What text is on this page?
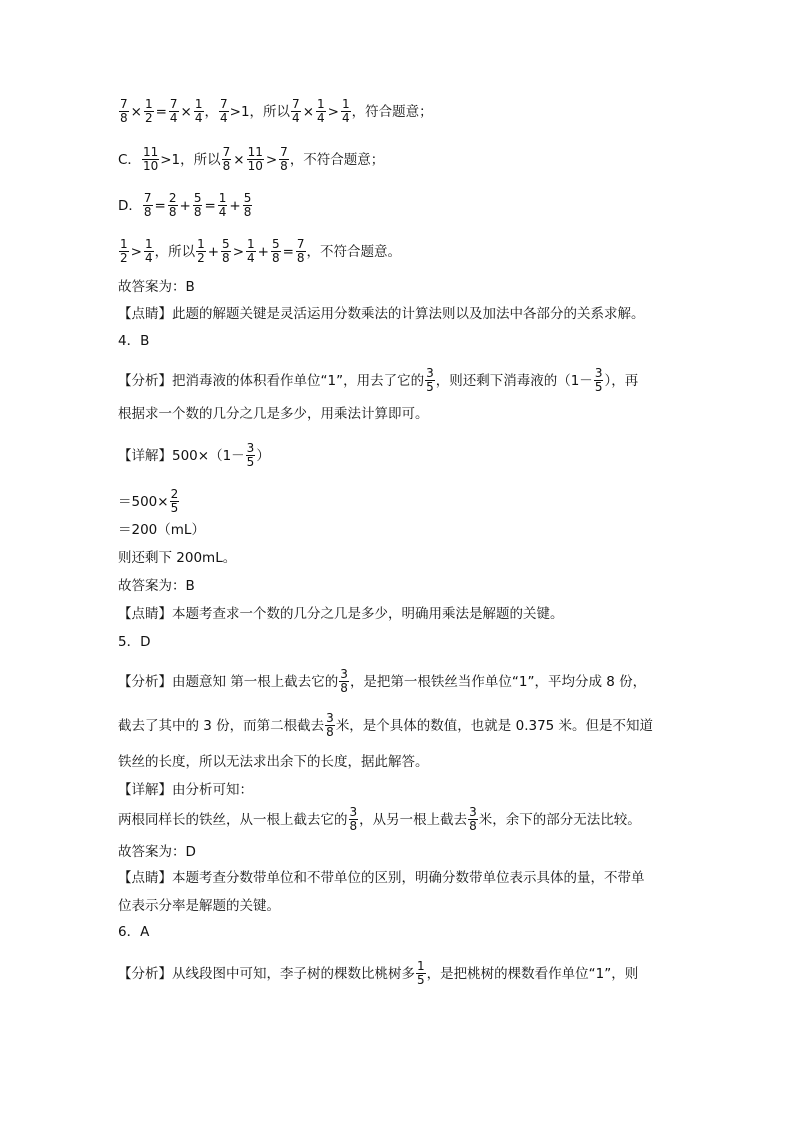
$\frac{7}{8} \times \frac{1}{2} = \frac{7}{4} \times \frac{1}{4}$ ， $\frac{7}{4} >1$，所以 $\frac{7}{4} \times \frac{1}{4} > \frac{1}{4}$ ，符合题意；
C． $\frac{11}{10} >1$，所以 $\frac{7}{8} \times \frac{11}{10} > \frac{7}{8}$ ，不符合题意；
D． $\frac{7}{8} = \frac{2}{8} + \frac{5}{8} = \frac{1}{4} + \frac{5}{8}$
$\frac{1}{2} > \frac{1}{4}$ ，所以 $\frac{1}{2} + \frac{5}{8} > \frac{1}{4} + \frac{5}{8} = \frac{7}{8}$ ，不符合题意。
故答案为：B
【点睛】此题的解题关键是灵活运用分数乘法的计算法则以及加法中各部分的关系求解。
4．B
【分析】把消毒液的体积看作单位“1”，用去了它的 $\frac{3}{5}$ ，则还剩下消毒液的（$1- \frac{3}{5}$ ），再
根据求一个数的几分之几是多少，用乘法计算即可。
【详解】$500\times(1- \frac{3}{5}$ ）
$=500\times \frac{2}{5}$
＝200（mL）
则还剩下 200mL。
故答案为：B
【点睛】本题考查求一个数的几分之几是多少，明确用乘法是解题的关键。
5．D
【分析】由题意知 第一根上截去它的 $\frac{3}{8}$ ，是把第一根铁丝当作单位“1”，平均分成 8 份，
截去了其中的 3 份，而第二根截去 $\frac{3}{8}$ 米，是个具体的数值，也就是 0.375 米。但是不知道
铁丝的长度，所以无法求出余下的长度，据此解答。
【详解】由分析可知：
两根同样长的铁丝，从一根上截去它的 $\frac{3}{8}$ ，从另一根上截去 $\frac{3}{8}$ 米，余下的部分无法比较。
故答案为：D
【点睛】本题考查分数带单位和不带单位的区别，明确分数带单位表示具体的量，不带单
位表示分率是解题的关键。
6．A
【分析】从线段图中可知，李子树的棵数比桃树多 $\frac{1}{5}$ ，是把桃树的棵数看作单位“1”，则
